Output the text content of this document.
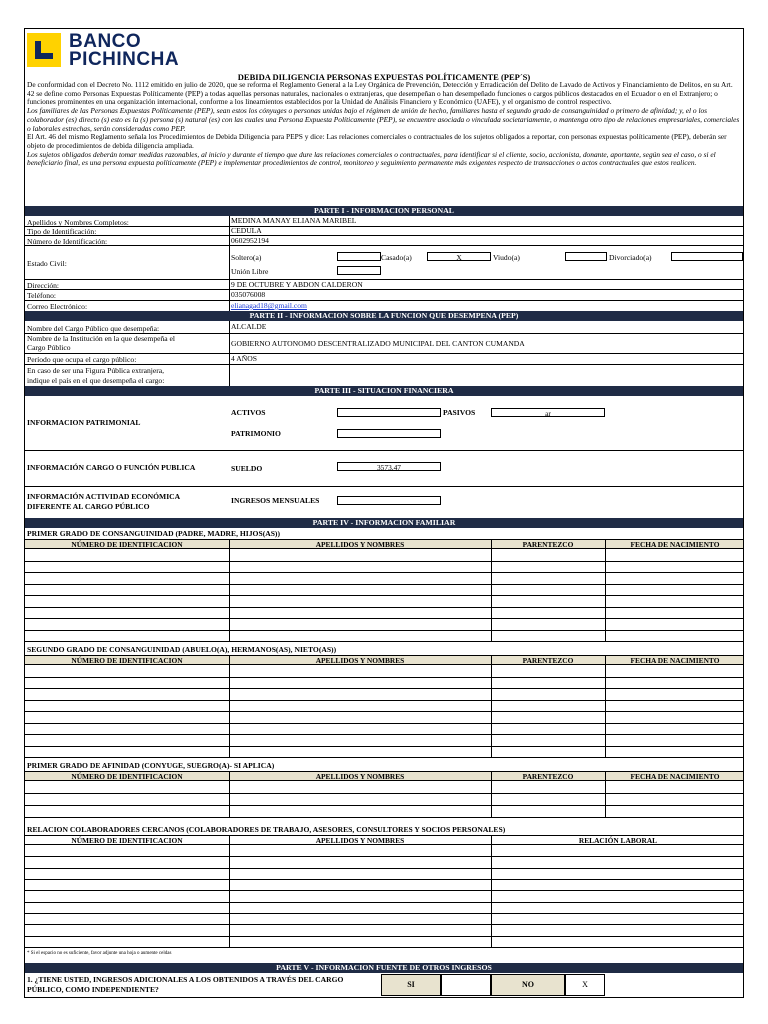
BANCO
PICHINCHA
DEBIDA DILIGENCIA PERSONAS EXPUESTAS POLÍTICAMENTE (PEP´S)

De conformidad con el Decreto No. 1112 emitido en julio de 2020, que se reforma el Reglamento General a la Ley Orgánica de Prevención, Detección y Erradicación del Delito de Lavado de Activos y Financiamiento de Delitos, en su Art. 42 se define como Personas Expuestas Políticamente (PEP) a todas aquellas personas naturales, nacionales o extranjeras, que desempeñan o han desempeñado funciones o cargos públicos destacados en el Ecuador o en el Extranjero; o funciones prominentes en una organización internacional, conforme a los lineamientos establecidos por la Unidad de Análisis Financiero y Económico (UAFE), y el organismo de control respectivo.

Los familiares de las Personas Expuestas Políticamente (PEP), sean estos los cónyuges o personas unidas bajo el régimen de unión de hecho, familiares hasta el segundo grado de consanguinidad o primero de afinidad; y, el o los colaborador (es) directo (s) esto es la (s) persona (s) natural (es) con las cuales una Persona Expuesta Políticamente (PEP), se encuentre asociada o vinculada societariamente, o mantenga otro tipo de relaciones empresariales, comerciales o laborales estrechas, serán consideradas como PEP.

El Art. 46 del mismo Reglamento señala los Procedimientos de Debida Diligencia para PEPS y dice: Las relaciones comerciales o contractuales de los sujetos obligados a reportar, con personas expuestas políticamente (PEP), deberán ser objeto de procedimientos de debida diligencia ampliada.

Los sujetos obligados deberán tomar medidas razonables, al inicio y durante el tiempo que dure las relaciones comerciales o contractuales, para identificar si el cliente, socio, accionista, donante, aportante, según sea el caso, o si el beneficiario final, es una persona expuesta políticamente (PEP) e implementar procedimientos de control, monitoreo y seguimiento permanente más exigentes respecto de transacciones o actos contractuales que estos realicen.

PARTE I - INFORMACION PERSONAL
Apellidos y Nombres Completos:	MEDINA MANAY ELIANA MARIBEL
Tipo de Identificación:	CEDULA
Número de Identificación:	0602952194
Estado Civil:
Soltero(a)	Casado(a)	X	Viudo(a)	Divorciado(a)
Unión Libre
Dirección:	9 DE OCTUBRE Y ABDON CALDERON
Teléfono:	035076008
Correo Electrónico:	elianagad18@gmail.com
PARTE II - INFORMACION SOBRE LA FUNCION QUE DESEMPENA (PEP)
Nombre del Cargo Público que desempeña:	ALCALDE
Nombre de la Institución en la que desempeña el
Cargo Público	GOBIERNO AUTONOMO DESCENTRALIZADO MUNICIPAL DEL CANTON CUMANDA
Período que ocupa el cargo público:	4 AÑOS
En caso de ser una Figura Pública extranjera,
indique el país en el que desempeña el cargo:
PARTE III - SITUACION FINANCIERA
INFORMACION PATRIMONIAL
ACTIVOS	PASIVOS	ar
PATRIMONIO
INFORMACIÓN CARGO O FUNCIÓN PUBLICA	SUELDO	3573.47
INFORMACIÓN ACTIVIDAD ECONÓMICA
DIFERENTE AL CARGO PÚBLICO
INGRESOS MENSUALES
PARTE IV - INFORMACION FAMILIAR
PRIMER GRADO DE CONSANGUINIDAD (PADRE, MADRE, HIJOS(AS))
NÚMERO DE IDENTIFICACION	APELLIDOS Y NOMBRES	PARENTEZCO	FECHA DE NACIMIENTO
SEGUNDO GRADO DE CONSANGUINIDAD (ABUELO(A), HERMANOS(AS), NIETO(AS))
NÚMERO DE IDENTIFICACION	APELLIDOS Y NOMBRES	PARENTEZCO	FECHA DE NACIMIENTO
PRIMER GRADO DE AFINIDAD (CONYUGE, SUEGRO(A)- SI APLICA)
NÚMERO DE IDENTIFICACION	APELLIDOS Y NOMBRES	PARENTEZCO	FECHA DE NACIMIENTO
RELACION COLABORADORES CERCANOS (COLABORADORES DE TRABAJO, ASESORES, CONSULTORES Y SOCIOS PERSONALES)
NÚMERO DE IDENTIFICACION	APELLIDOS Y NOMBRES	RELACIÓN LABORAL
* Si el espacio no es suficiente, favor adjunte una hoja o aumente celdas
PARTE V - INFORMACION FUENTE DE OTROS INGRESOS
1. ¿TIENE USTED, INGRESOS ADICIONALES A LOS OBTENIDOS A TRAVÉS DEL CARGO
PÚBLICO, COMO INDEPENDIENTE?
SI	NO	X
